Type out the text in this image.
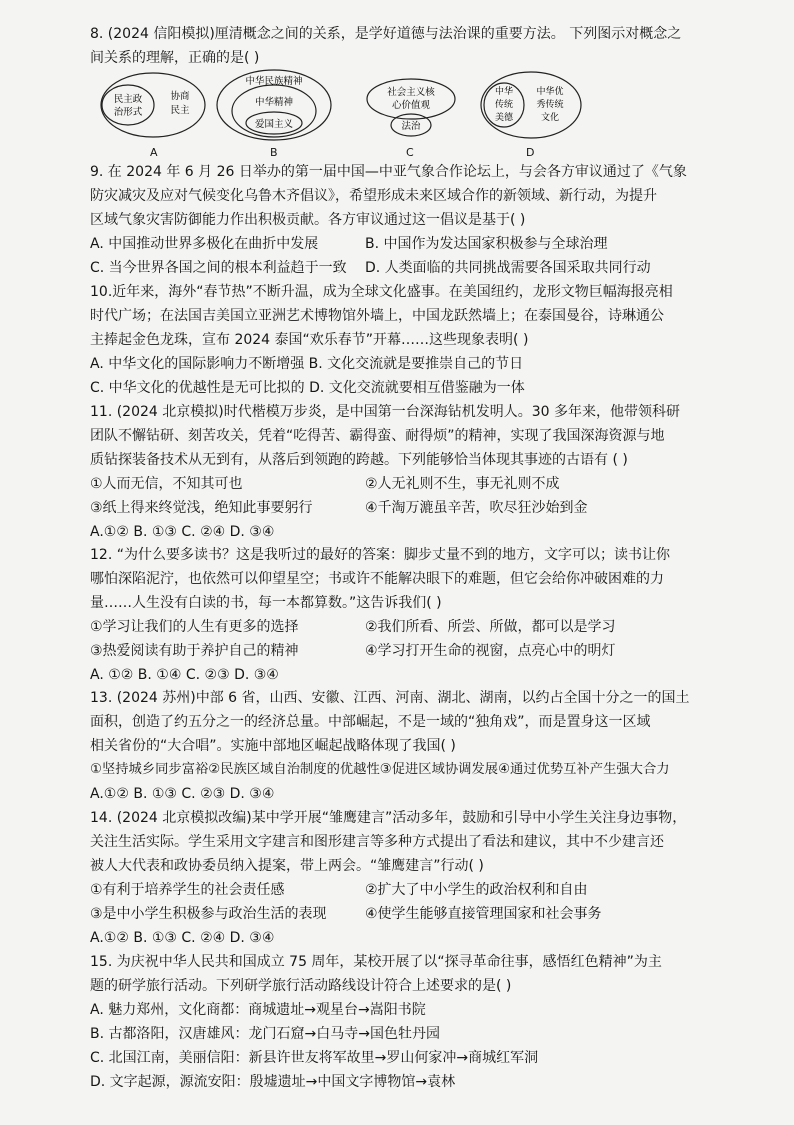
8. (2024 信阳模拟)厘清概念之间的关系，是学好道德与法治课的重要方法。 下列图示对概念之
间关系的理解，正确的是( )
民主政
治形式
协商
民主
A
中华民族精神
中华精神
爱国主义
B
社会主义核
心价值观
法治
C
中华
传统
美德
中华优
秀传统
文化
D
9. 在 2024 年 6 月 26 日举办的第一届中国—中亚气象合作论坛上，与会各方审议通过了《气象
防灾减灾及应对气候变化乌鲁木齐倡议》，希望形成未来区域合作的新领域、新行动，为提升
区域气象灾害防御能力作出积极贡献。各方审议通过这一倡议是基于( )
A. 中国推动世界多极化在曲折中发展	B. 中国作为发达国家积极参与全球治理
C. 当今世界各国之间的根本利益趋于一致	D. 人类面临的共同挑战需要各国采取共同行动
10.近年来，海外“春节热”不断升温，成为全球文化盛事。在美国纽约，龙形文物巨幅海报亮相
时代广场；在法国吉美国立亚洲艺术博物馆外墙上，中国龙跃然墙上；在泰国曼谷，诗琳通公
主捧起金色龙珠，宣布 2024 泰国“欢乐春节”开幕……这些现象表明( )
A. 中华文化的国际影响力不断增强 B. 文化交流就是要推崇自己的节日
C. 中华文化的优越性是无可比拟的 D. 文化交流就要相互借鉴融为一体
11. (2024 北京模拟)时代楷模万步炎，是中国第一台深海钻机发明人。30 多年来，他带领科研
团队不懈钻研、刻苦攻关，凭着“吃得苦、霸得蛮、耐得烦”的精神，实现了我国深海资源与地
质钻探装备技术从无到有，从落后到领跑的跨越。下列能够恰当体现其事迹的古语有 ( )
①人而无信，不知其可也	②人无礼则不生，事无礼则不成
③纸上得来终觉浅，绝知此事要躬行	④千淘万漉虽辛苦，吹尽狂沙始到金
A.①② B. ①③ C. ②④ D. ③④
12. “为什么要多读书？这是我听过的最好的答案：脚步丈量不到的地方，文字可以；读书让你
哪怕深陷泥泞，也依然可以仰望星空；书或许不能解决眼下的难题，但它会给你冲破困难的力
量……人生没有白读的书，每一本都算数。”这告诉我们( )
①学习让我们的人生有更多的选择	②我们所看、所尝、所做，都可以是学习
③热爱阅读有助于养护自己的精神	④学习打开生命的视窗，点亮心中的明灯
A. ①② B. ①④ C. ②③ D. ③④
13. (2024 苏州)中部 6 省，山西、安徽、江西、河南、湖北、湖南，以约占全国十分之一的国土
面积，创造了约五分之一的经济总量。中部崛起，不是一域的“独角戏”，而是置身这一区域
相关省份的“大合唱”。实施中部地区崛起战略体现了我国( )
①坚持城乡同步富裕②民族区域自治制度的优越性③促进区域协调发展④通过优势互补产生强大合力
A.①② B. ①③ C. ②③ D. ③④
14. (2024 北京模拟改编)某中学开展“雏鹰建言”活动多年，鼓励和引导中小学生关注身边事物，
关注生活实际。学生采用文字建言和图形建言等多种方式提出了看法和建议，其中不少建言还
被人大代表和政协委员纳入提案，带上两会。“雏鹰建言”行动( )
①有利于培养学生的社会责任感	②扩大了中小学生的政治权利和自由
③是中小学生积极参与政治生活的表现	④使学生能够直接管理国家和社会事务
A.①② B. ①③ C. ②④ D. ③④
15. 为庆祝中华人民共和国成立 75 周年，某校开展了以“探寻革命往事，感悟红色精神”为主
题的研学旅行活动。下列研学旅行活动路线设计符合上述要求的是( )
A. 魅力郑州，文化商都：商城遗址→观星台→嵩阳书院
B. 古都洛阳，汉唐雄风：龙门石窟→白马寺→国色牡丹园
C. 北国江南，美丽信阳：新县许世友将军故里→罗山何家冲→商城红军洞
D. 文字起源，源流安阳：殷墟遗址→中国文字博物馆→袁林
